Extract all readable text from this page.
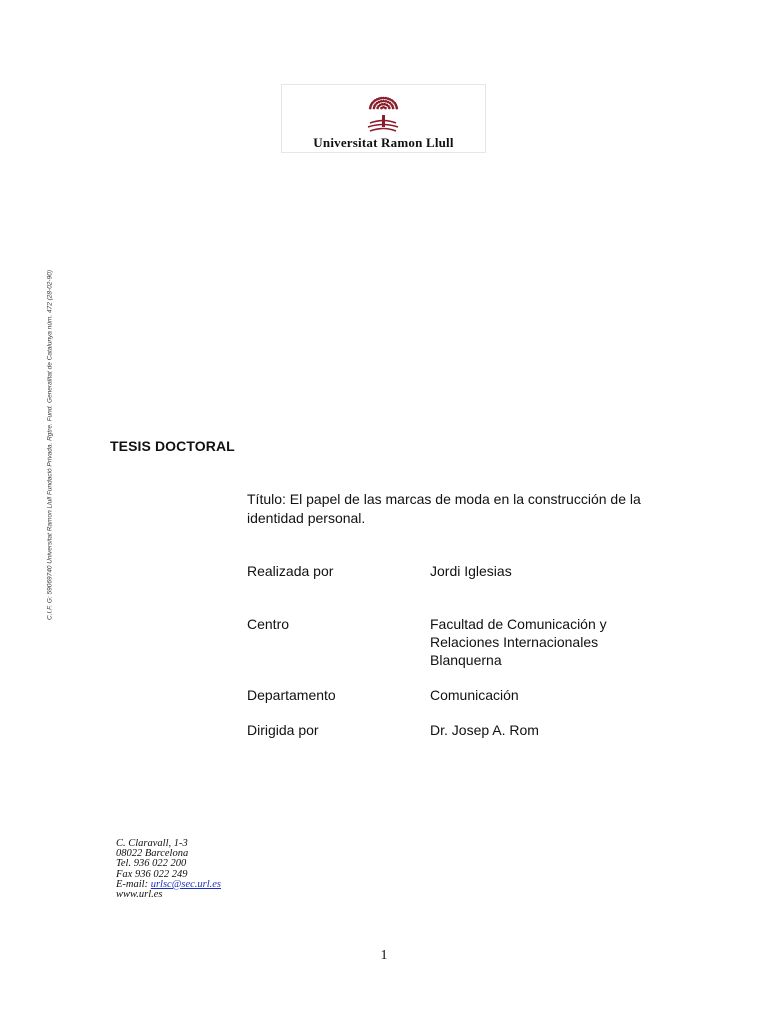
Universitat Ramon Llull
C.I.F. G: 59069740 Universitat Ramon Llull Fundació Privada. Rgtre. Fund. Generalitat de Catalunya núm. 472 (28-02-90)	TESIS DOCTORAL
Título: El papel de las marcas de moda en la construcción de la identidad personal.
Realizada por	Jordi Iglesias
Centro	Facultad de Comunicación y Relaciones Internacionales Blanquerna
Departamento	Comunicación
Dirigida por	Dr. Josep A. Rom
C. Claravall, 1-3
08022 Barcelona
Tel. 936 022 200
Fax 936 022 249
E-mail: urlsc@sec.url.es
www.url.es
1
